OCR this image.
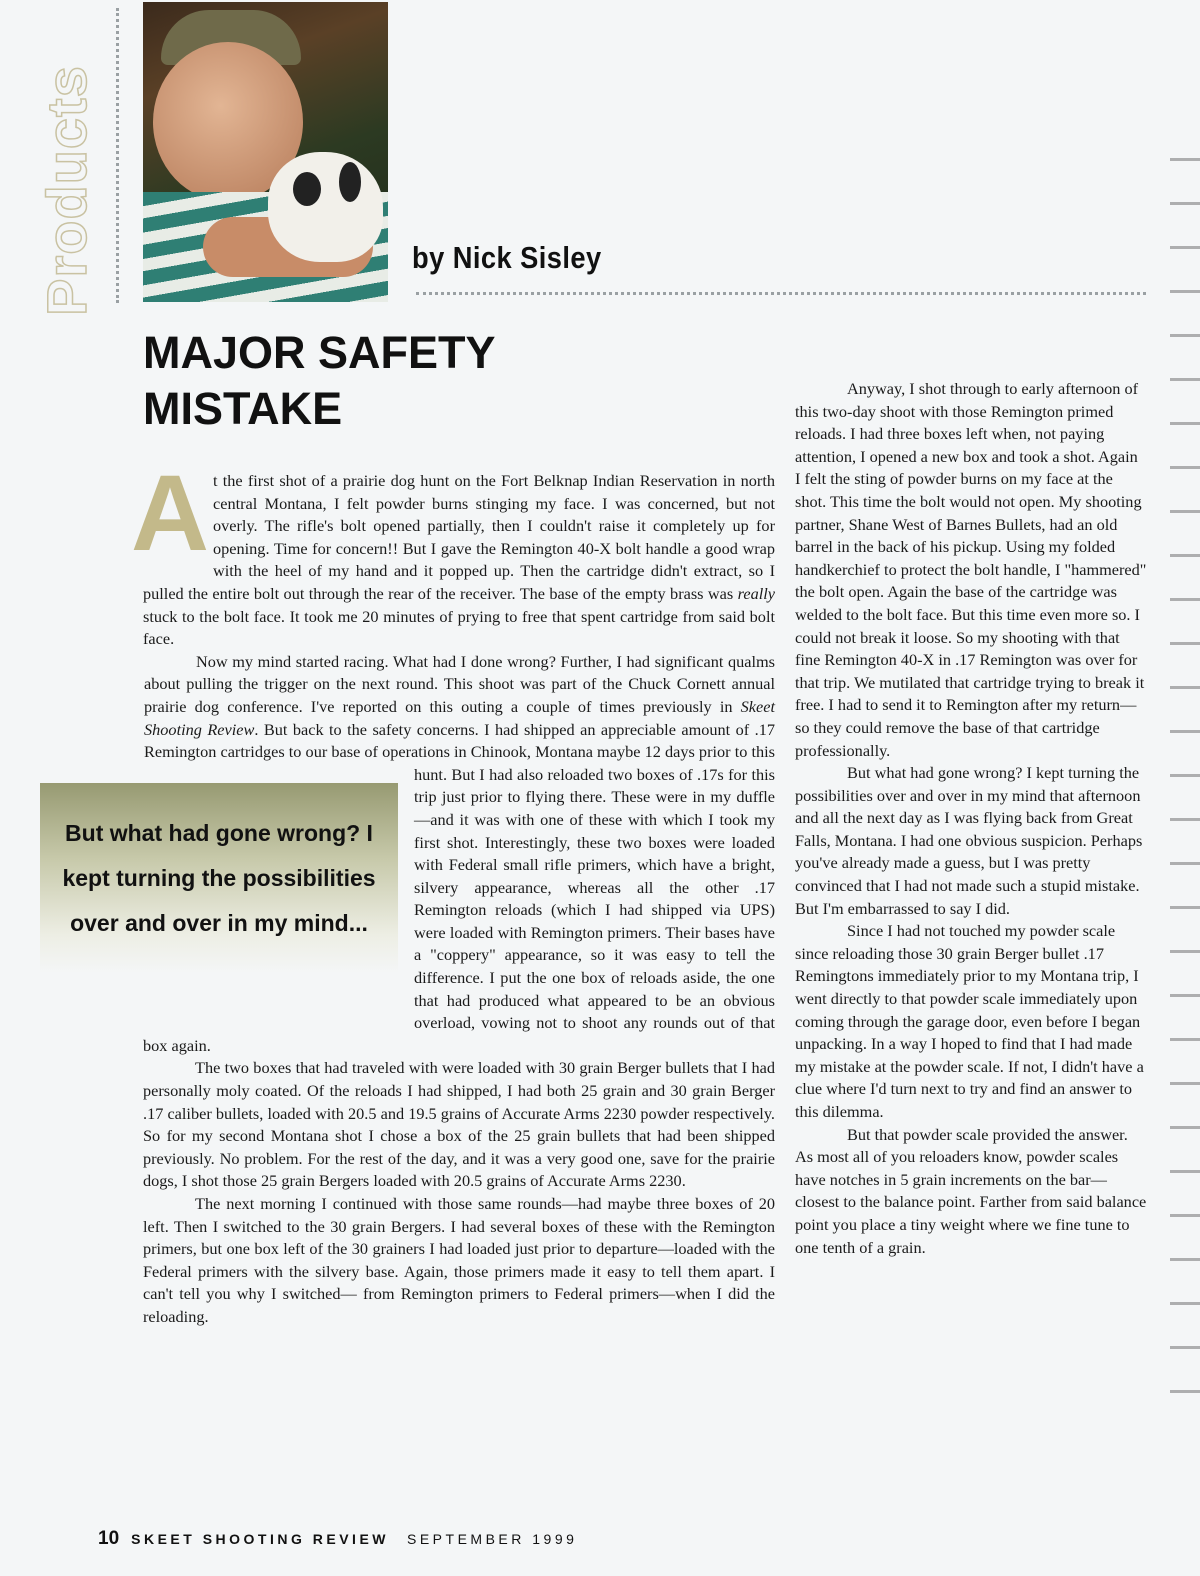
Products	by Nick Sisley
MAJOR SAFETY MISTAKE

At the first shot of a prairie dog hunt on the Fort Belknap Indian Reservation in north central Montana, I felt powder burns stinging my face. I was concerned, but not overly. The rifle's bolt opened partially, then I couldn't raise it completely up for opening. Time for concern!! But I gave the Remington 40-X bolt handle a good wrap with the heel of my hand and it popped up. Then the cartridge didn't extract, so I pulled the entire bolt out through the rear of the receiver. The base of the empty brass was really stuck to the bolt face. It took me 20 minutes of prying to free that spent cartridge from said bolt face.

Now my mind started racing. What had I done wrong? Further, I had significant qualms about pulling the trigger on the next round. This shoot was part of the Chuck Cornett annual prairie dog conference. I've reported on this outing a couple of times previously in Skeet Shooting Review. But back to the safety concerns. I had shipped an appreciable amount of .17 Remington cartridges to our base of operations in Chinook, Montana maybe 12 days prior to this hunt. But I had also reloaded two boxes of .17s for this trip just prior to flying there. These were in my duffle—and it was with one of these with which I took my first shot. Interestingly, these two boxes were loaded with Federal small rifle primers, which have a bright, silvery appearance, whereas all the other .17 Remington reloads (which I had shipped via UPS) were loaded with Remington primers. Their bases have a "coppery" appearance, so it was easy to tell the difference. I put the one box of reloads aside, the one that had produced what appeared to be an obvious overload, vowing not to shoot any rounds out of that box again.

The two boxes that had traveled with were loaded with 30 grain Berger bullets that I had personally moly coated. Of the reloads I had shipped, I had both 25 grain and 30 grain Berger .17 caliber bullets, loaded with 20.5 and 19.5 grains of Accurate Arms 2230 powder respectively. So for my second Montana shot I chose a box of the 25 grain bullets that had been shipped previously. No problem. For the rest of the day, and it was a very good one, save for the prairie dogs, I shot those 25 grain Bergers loaded with 20.5 grains of Accurate Arms 2230.

The next morning I continued with those same rounds—had maybe three boxes of 20 left. Then I switched to the 30 grain Bergers. I had several boxes of these with the Remington primers, but one box left of the 30 grainers I had loaded just prior to departure—loaded with the Federal primers with the silvery base. Again, those primers made it easy to tell them apart. I can't tell you why I switched— from Remington primers to Federal primers—when I did the reloading.

But what had gone wrong? I kept turning the possibilities over and over in my mind...

Anyway, I shot through to early afternoon of this two-day shoot with those Remington primed reloads. I had three boxes left when, not paying attention, I opened a new box and took a shot. Again I felt the sting of powder burns on my face at the shot. This time the bolt would not open. My shooting partner, Shane West of Barnes Bullets, had an old barrel in the back of his pickup. Using my folded handkerchief to protect the bolt handle, I "hammered" the bolt open. Again the base of the cartridge was welded to the bolt face. But this time even more so. I could not break it loose. So my shooting with that fine Remington 40-X in .17 Remington was over for that trip. We mutilated that cartridge trying to break it free. I had to send it to Remington after my return—so they could remove the base of that cartridge professionally.

But what had gone wrong? I kept turning the possibilities over and over in my mind that afternoon and all the next day as I was flying back from Great Falls, Montana. I had one obvious suspicion. Perhaps you've already made a guess, but I was pretty convinced that I had not made such a stupid mistake. But I'm embarrassed to say I did.

Since I had not touched my powder scale since reloading those 30 grain Berger bullet .17 Remingtons immediately prior to my Montana trip, I went directly to that powder scale immediately upon coming through the garage door, even before I began unpacking. In a way I hoped to find that I had made my mistake at the powder scale. If not, I didn't have a clue where I'd turn next to try and find an answer to this dilemma.

But that powder scale provided the answer. As most all of you reloaders know, powder scales have notches in 5 grain increments on the bar—closest to the balance point. Farther from said balance point you place a tiny weight where we fine tune to one tenth of a grain.

10 SKEET SHOOTING REVIEW SEPTEMBER 1999
